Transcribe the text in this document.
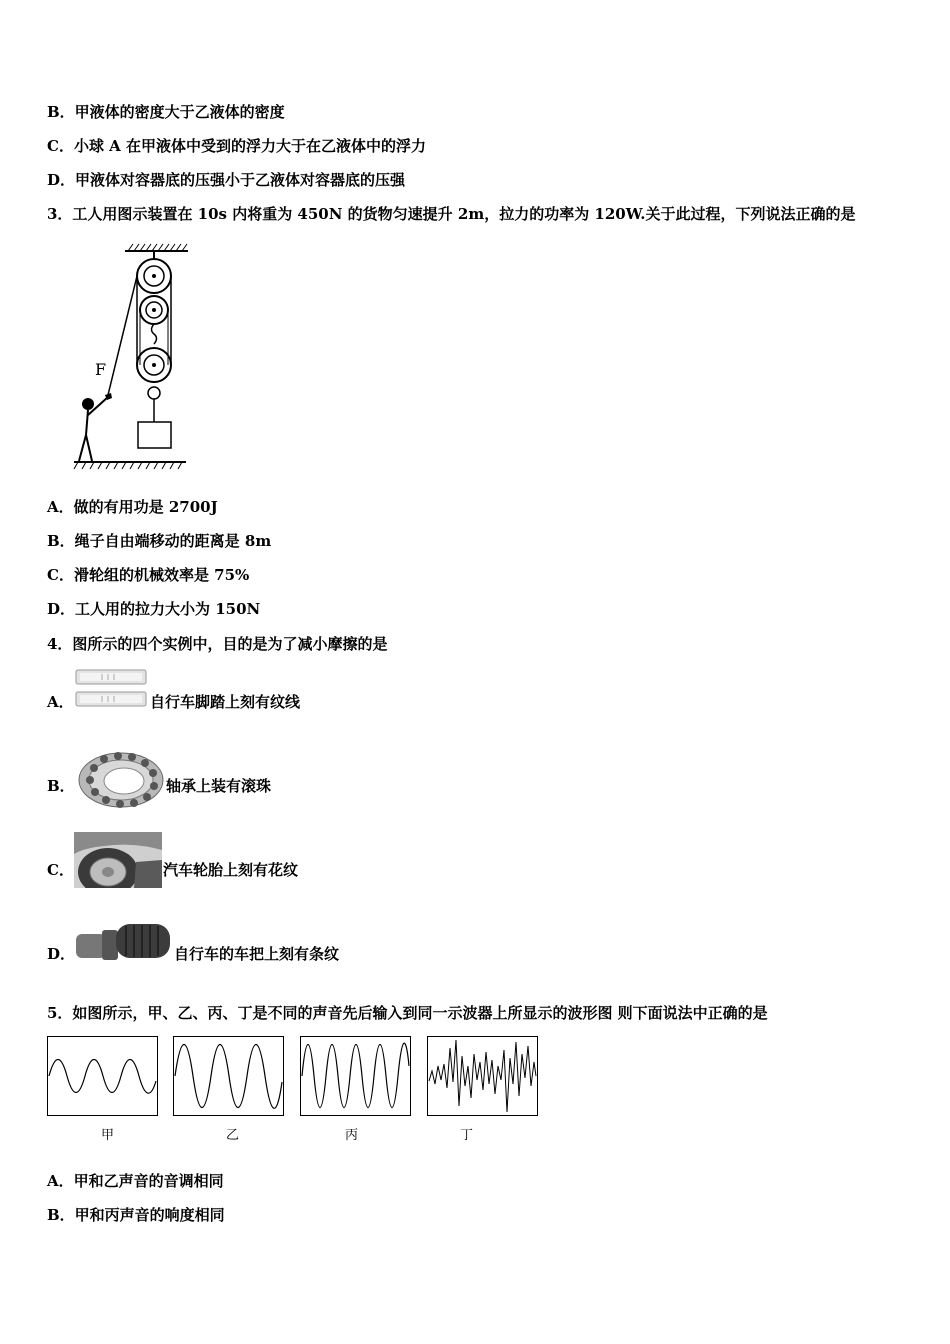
B．甲液体的密度大于乙液体的密度
C．小球 A 在甲液体中受到的浮力大于在乙液体中的浮力
D．甲液体对容器底的压强小于乙液体对容器底的压强
3．工人用图示装置在 10s 内将重为 450N 的货物匀速提升 2m，拉力的功率为 120W.关于此过程，下列说法正确的是
F
A．做的有用功是 2700J
B．绳子自由端移动的距离是 8m
C．滑轮组的机械效率是 75%
D．工人用的拉力大小为 150N
4．图所示的四个实例中，目的是为了减小摩擦的是
A．	自行车脚踏上刻有纹线
B．	轴承上装有滚珠
C．	汽车轮胎上刻有花纹
D．	自行车的车把上刻有条纹
5．如图所示，甲、乙、丙、丁是不同的声音先后输入到同一示波器上所显示的波形图 则下面说法中正确的是
甲	乙	丙	丁
A．甲和乙声音的音调相同
B．甲和丙声音的响度相同
